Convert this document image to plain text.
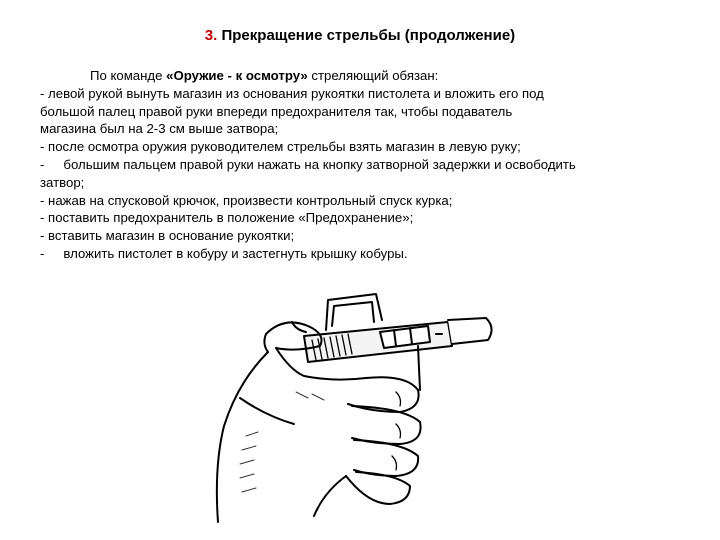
3. Прекращение стрельбы (продолжение)
По команде «Оружие - к осмотру» стреляющий обязан:
- левой рукой вынуть магазин из основания рукоятки пистолета и вложить его под
большой палец правой руки впереди предохранителя так, чтобы подаватель
магазина был на 2-3 см выше затвора;
- после осмотра оружия руководителем стрельбы взять магазин в левую руку;
- большим пальцем правой руки нажать на кнопку затворной задержки и освободить
затвор;
- нажав на спусковой крючок, произвести контрольный спуск курка;
- поставить предохранитель в положение «Предохранение»;
- вставить магазин в основание рукоятки;
- вложить пистолет в кобуру и застегнуть крышку кобуры.
